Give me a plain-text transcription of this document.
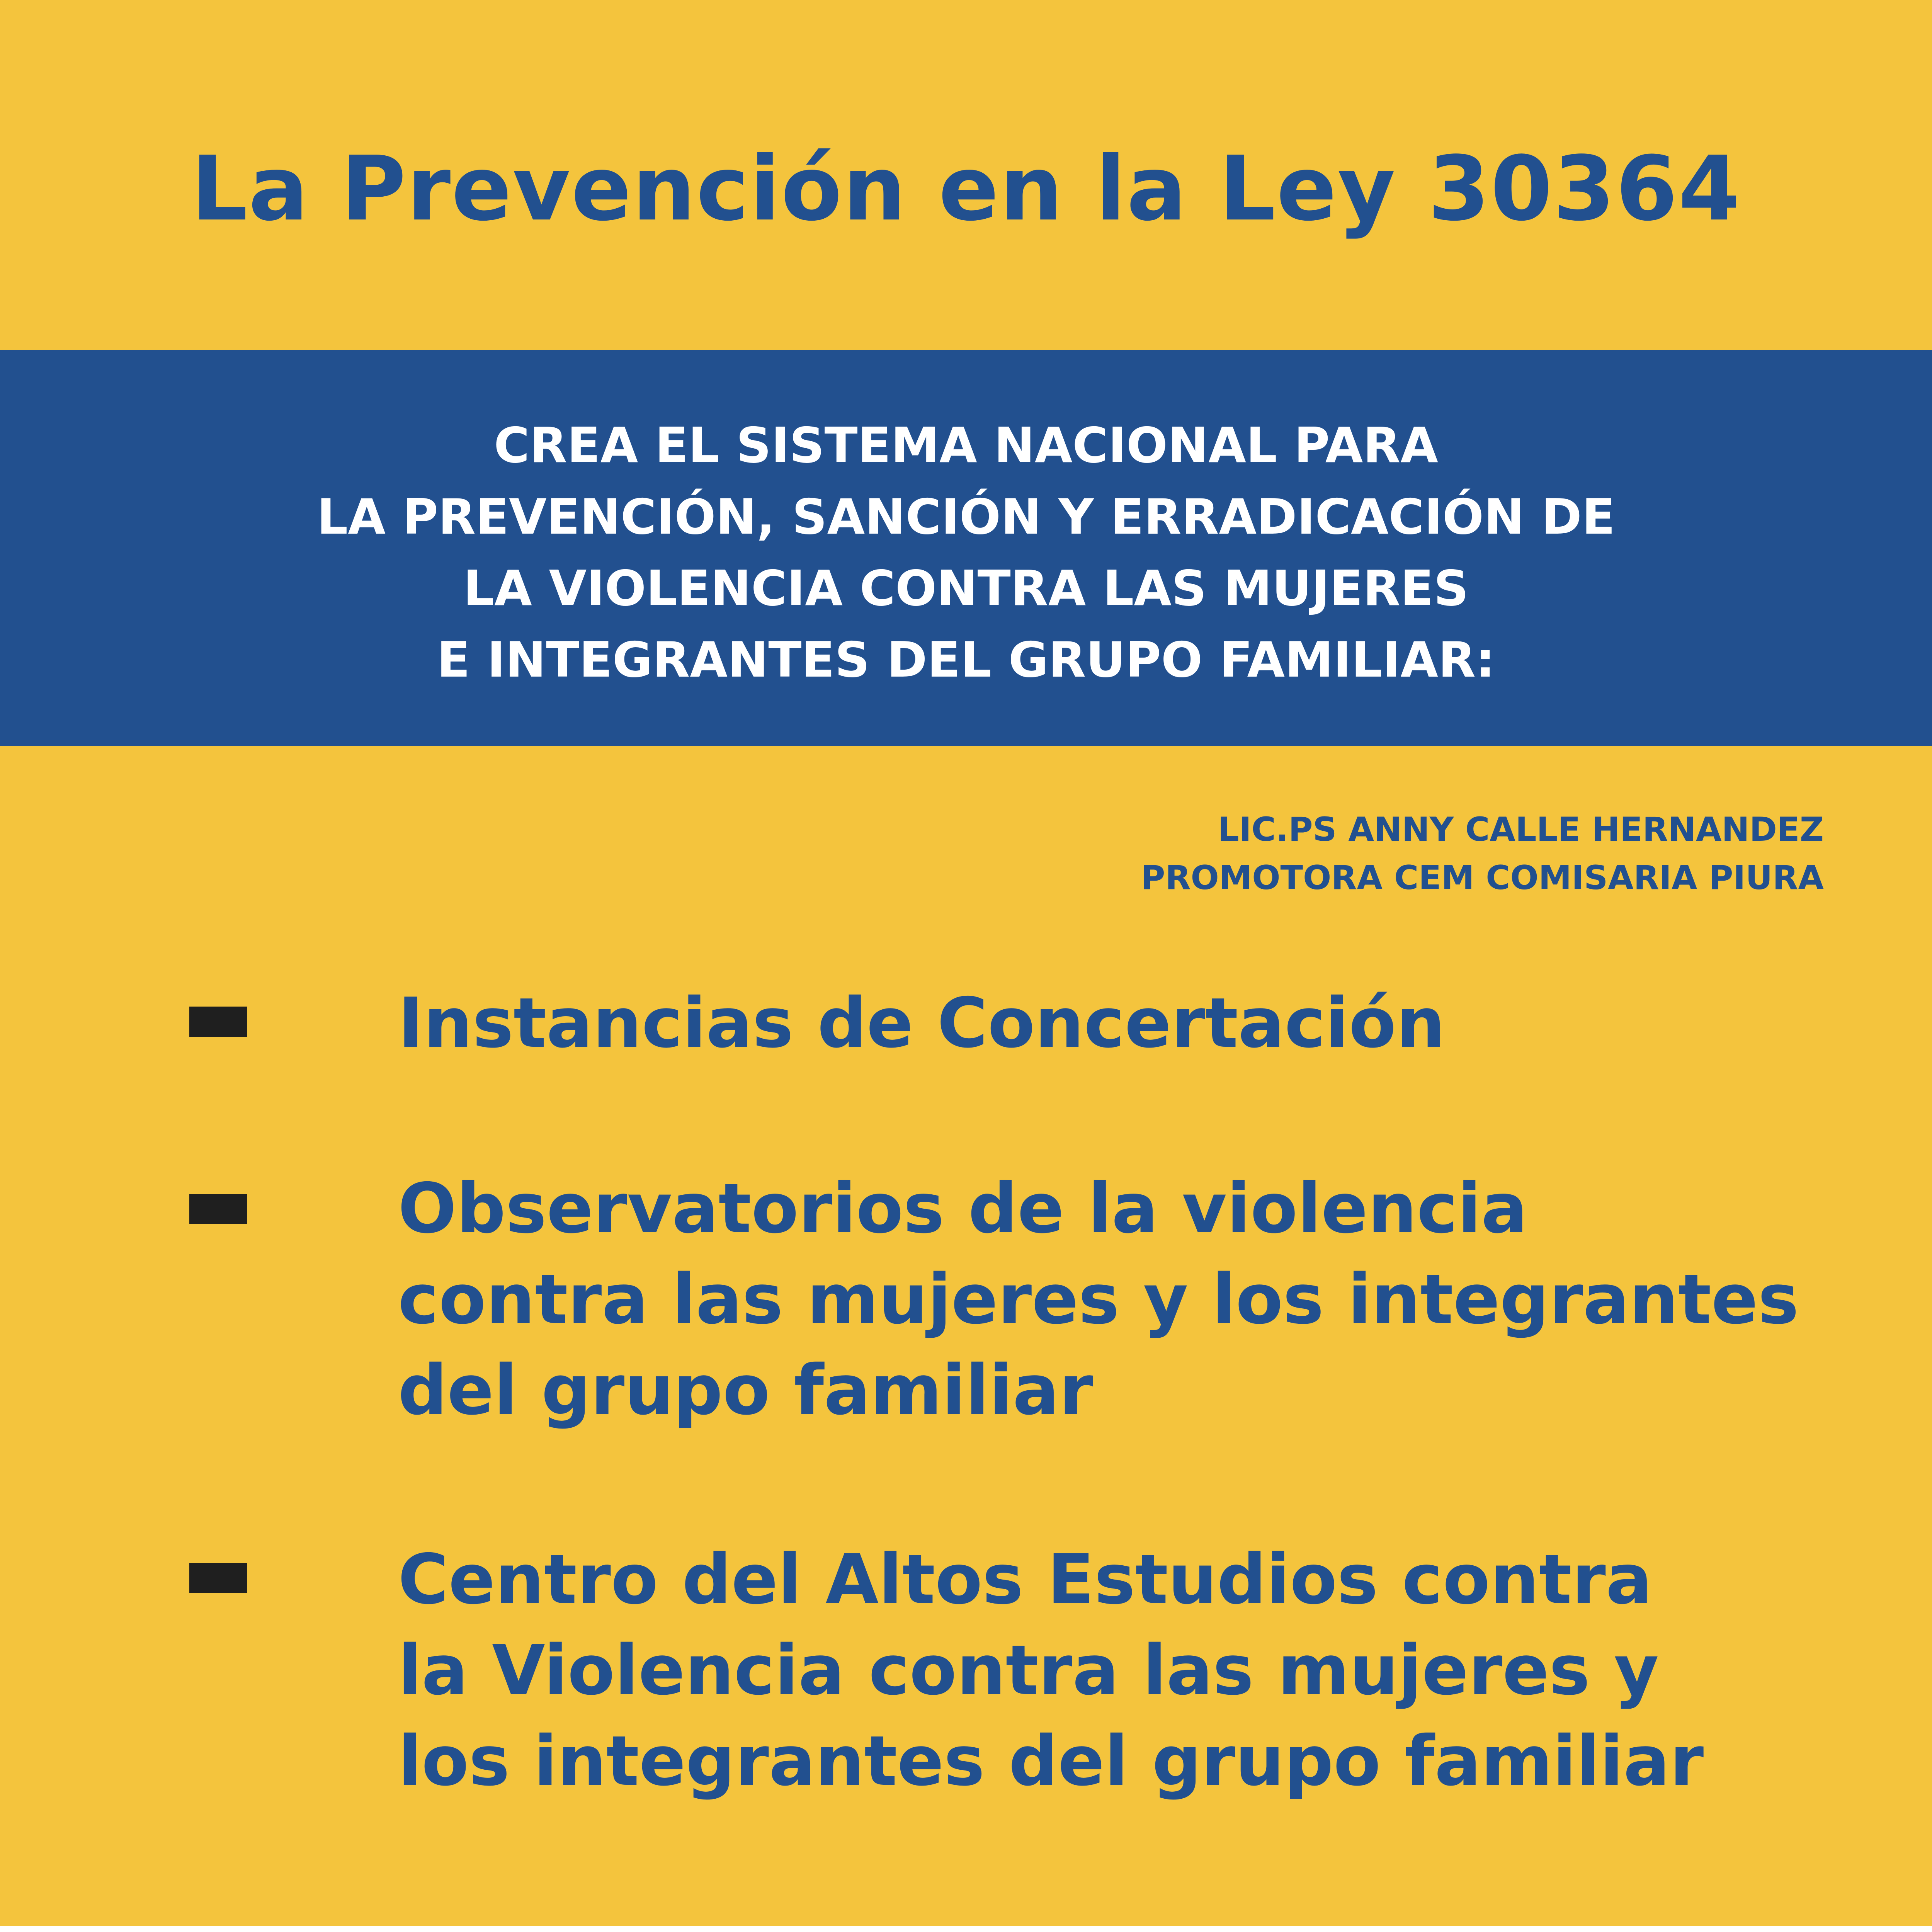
La Prevención en la Ley 30364
CREA EL SISTEMA NACIONAL PARA
LA PREVENCIÓN, SANCIÓN Y ERRADICACIÓN DE
LA VIOLENCIA CONTRA LAS MUJERES
E INTEGRANTES DEL GRUPO FAMILIAR:
LIC.PS ANNY CALLE HERNANDEZ
PROMOTORA CEM COMISARIA PIURA
Instancias de Concertación
Observatorios de la violencia
contra las mujeres y los integrantes
del grupo familiar
Centro del Altos Estudios contra
la Violencia contra las mujeres y
los integrantes del grupo familiar
